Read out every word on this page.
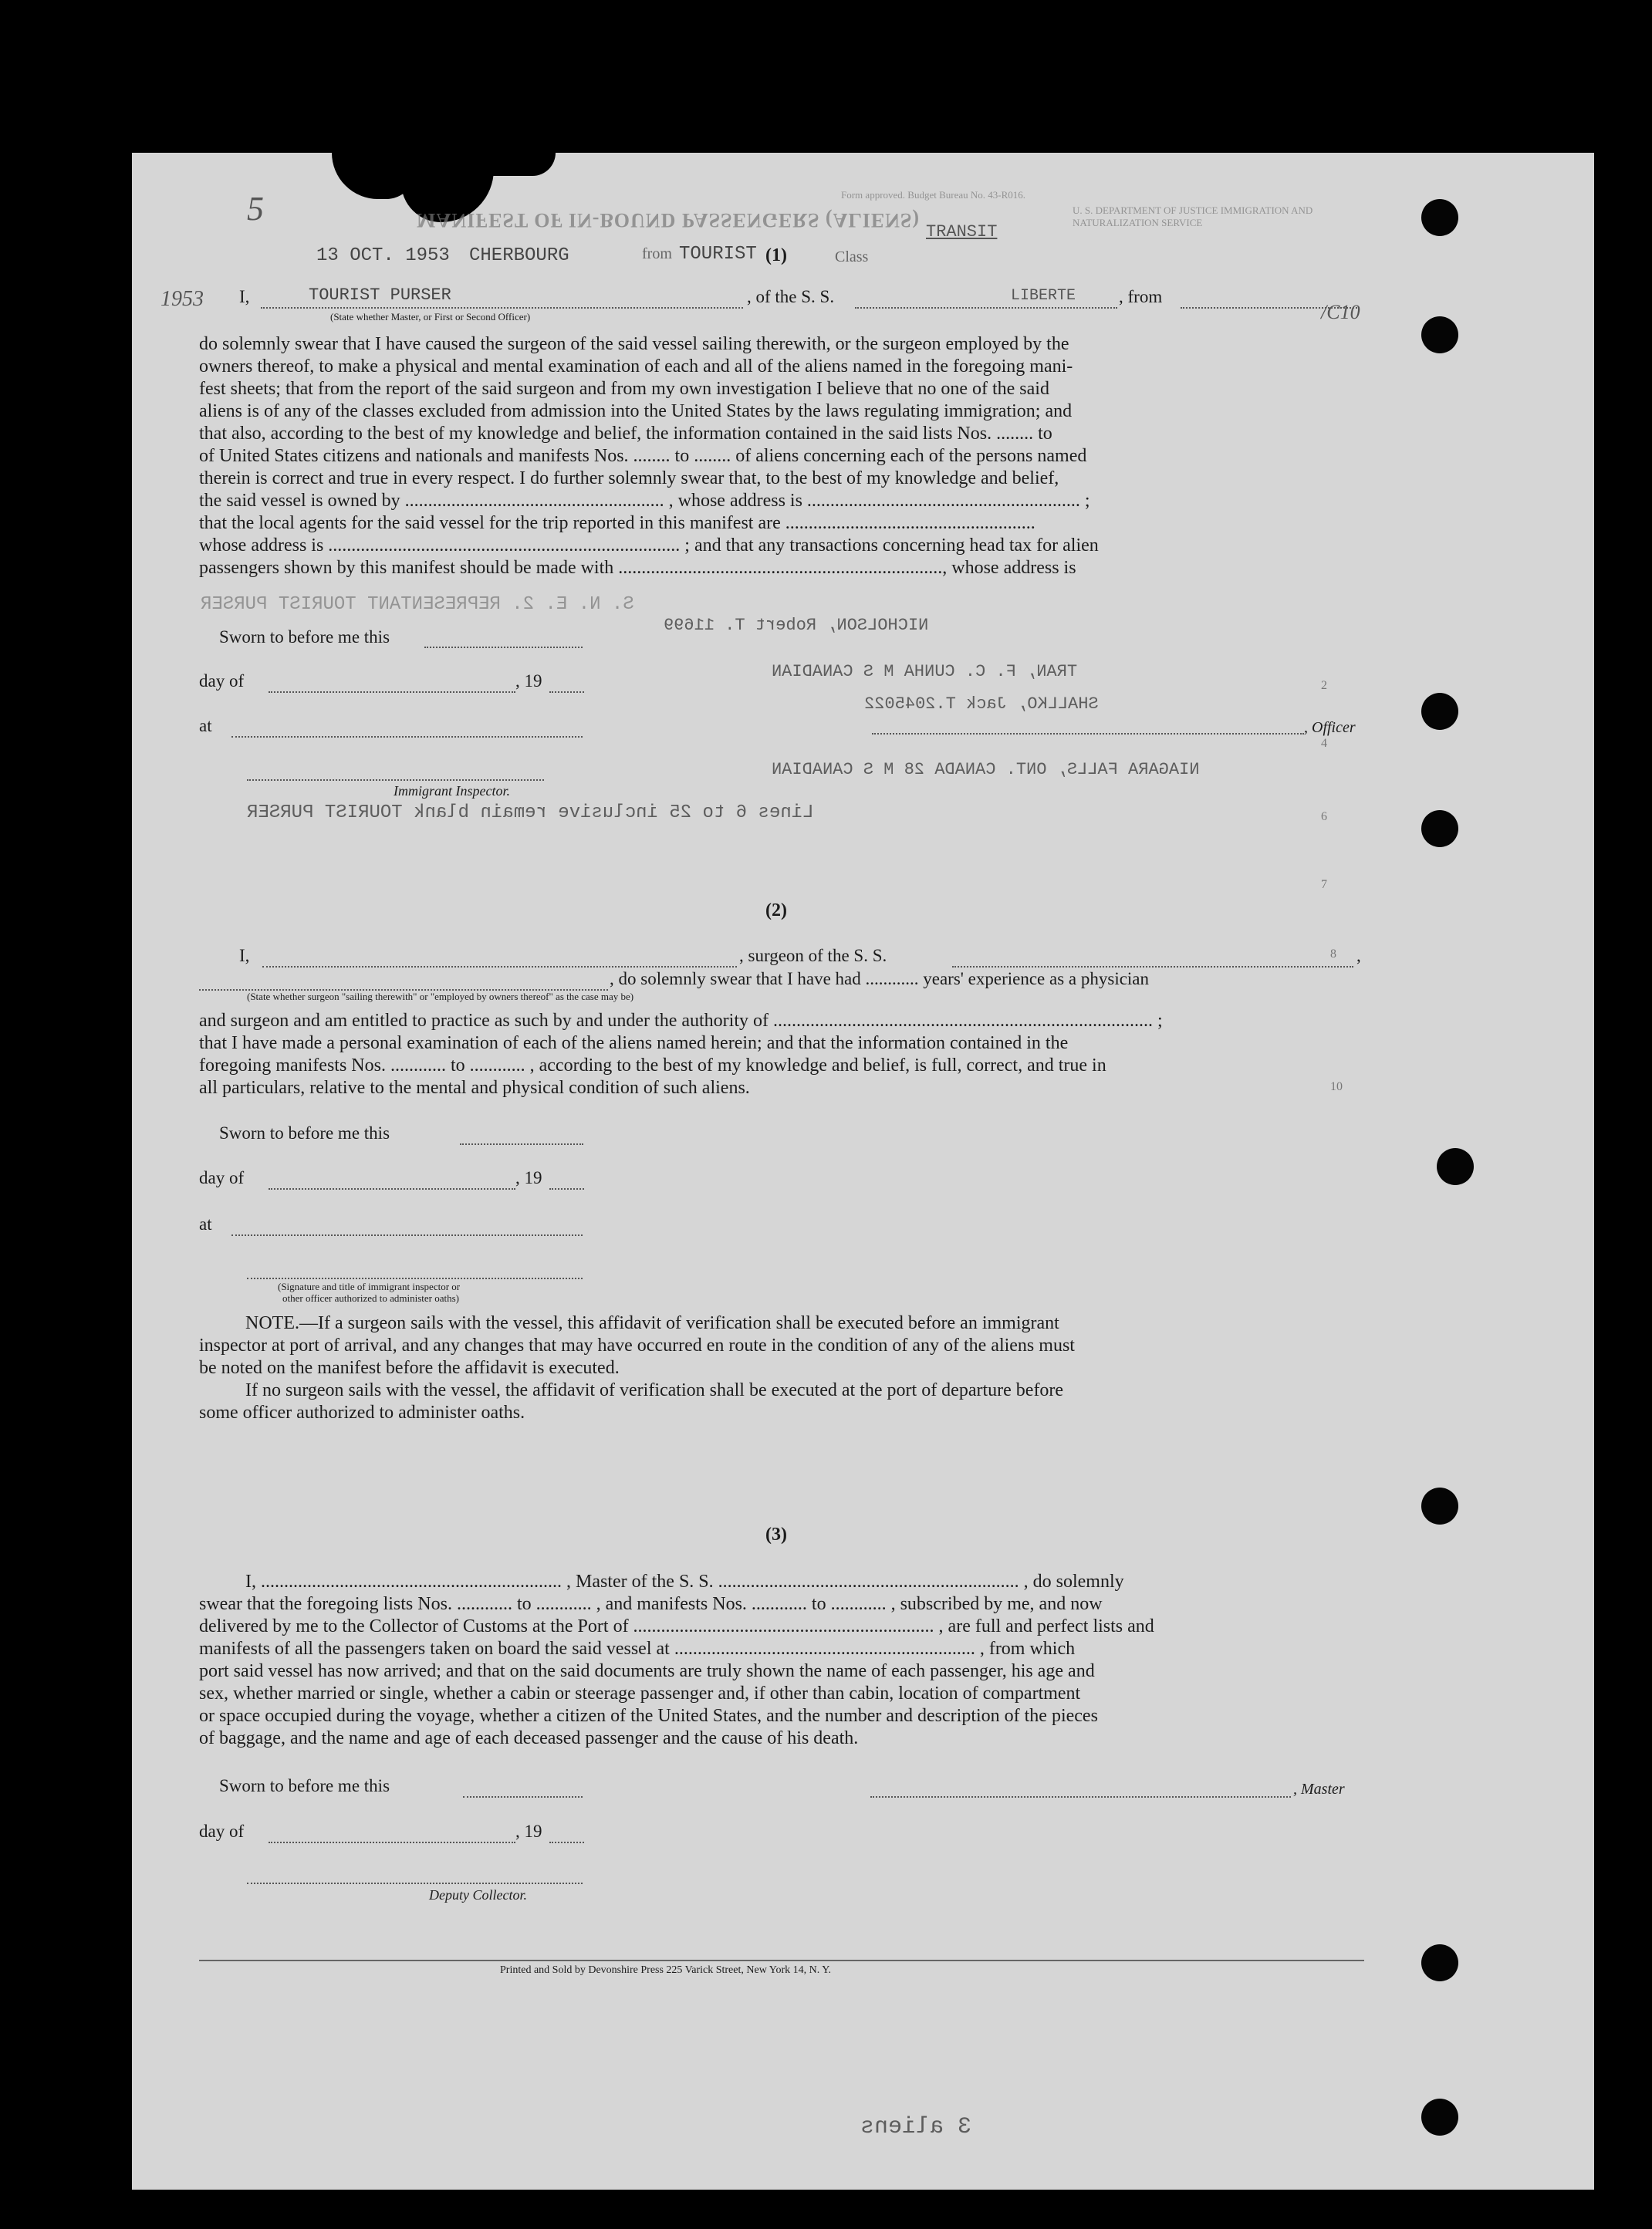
MANIFEST OF IN-BOUND PASSENGERS (ALIENS)
Form approved. Budget Bureau No. 43-R016.
U. S. DEPARTMENT OF JUSTICE IMMIGRATION AND NATURALIZATION SERVICE
13 OCT. 1953	from
CHERBOURG	Class
TOURIST
TRANSIT
1953
5
/C10
(1)
I,	TOURIST PURSER	, of the S. S.	LIBERTE , from
(State whether Master, or First or Second Officer)
do solemnly swear that I have caused the surgeon of the said vessel sailing therewith, or the surgeon employed by the
owners thereof, to make a physical and mental examination of each and all of the aliens named in the foregoing mani-
fest sheets; that from the report of the said surgeon and from my own investigation I believe that no one of the said
aliens is of any of the classes excluded from admission into the United States by the laws regulating immigration; and
that also, according to the best of my knowledge and belief, the information contained in the said lists Nos. ........ to
of United States citizens and nationals and manifests Nos. ........ to ........ of aliens concerning each of the persons named
therein is correct and true in every respect. I do further solemnly swear that, to the best of my knowledge and belief,
the said vessel is owned by ........................................................ , whose address is ........................................................... ;
that the local agents for the said vessel for the trip reported in this manifest are ......................................................
whose address is ............................................................................ ; and that any transactions concerning head tax for alien
passengers shown by this manifest should be made with ......................................................................, whose address is
S. N. E. 2. REPRESENTANT TOURIST PURSER
NICHOLSON, Robert T. 11699
TRAN, F. C. CUNHA M S CANADIAN
SHALLKO, Jack T.2045022
NIAGARA FALLS, ONT. CANADA 28 M S CANADIAN
Lines 6 to 25 inclusive remain blank TOURIST PURSER
2
4
6
7
8
10
Sworn to before me this
day of	, 19
at	, Officer
Immigrant Inspector.
(2)
I,	, surgeon of the S. S.	,
, do solemnly swear that I have had ............ years' experience as a physician
(State whether surgeon "sailing therewith" or "employed by owners thereof" as the case may be)
and surgeon and am entitled to practice as such by and under the authority of .................................................................................. ;
that I have made a personal examination of each of the aliens named herein; and that the information contained in the
foregoing manifests Nos. ............ to ............ , according to the best of my knowledge and belief, is full, correct, and true in
all particulars, relative to the mental and physical condition of such aliens.
Sworn to before me this
day of	, 19
at
(Signature and title of immigrant inspector or
other officer authorized to administer oaths)
NOTE.—If a surgeon sails with the vessel, this affidavit of verification shall be executed before an immigrant
inspector at port of arrival, and any changes that may have occurred en route in the condition of any of the aliens must
be noted on the manifest before the affidavit is executed.
If no surgeon sails with the vessel, the affidavit of verification shall be executed at the port of departure before
some officer authorized to administer oaths.
(3)
I, ................................................................. , Master of the S. S. ................................................................. , do solemnly
swear that the foregoing lists Nos. ............ to ............ , and manifests Nos. ............ to ............ , subscribed by me, and now
delivered by me to the Collector of Customs at the Port of ................................................................. , are full and perfect lists and
manifests of all the passengers taken on board the said vessel at ................................................................. , from which
port said vessel has now arrived; and that on the said documents are truly shown the name of each passenger, his age and
sex, whether married or single, whether a cabin or steerage passenger and, if other than cabin, location of compartment
or space occupied during the voyage, whether a citizen of the United States, and the number and description of the pieces
of baggage, and the name and age of each deceased passenger and the cause of his death.
Sworn to before me this	, Master
day of	, 19
Deputy Collector.
Printed and Sold by Devonshire Press 225 Varick Street, New York 14, N. Y.
3 aliens
